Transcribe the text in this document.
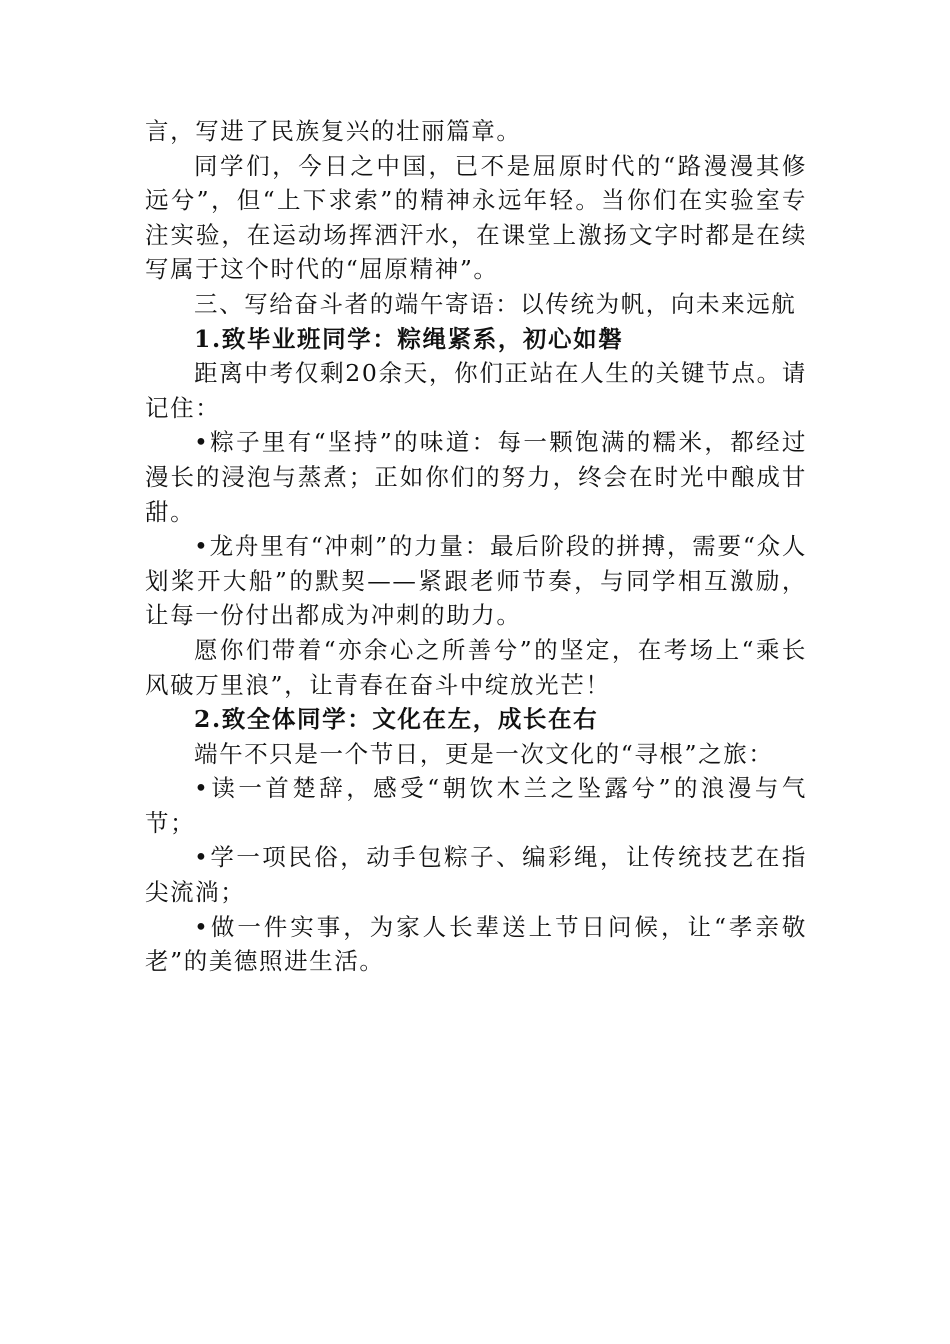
言，写进了民族复兴的壮丽篇章。

同学们，今日之中国，已不是屈原时代的“路漫漫其修远兮”，但“上下求索”的精神永远年轻。当你们在实验室专注实验，在运动场挥洒汗水，在课堂上激扬文字时都是在续写属于这个时代的“屈原精神”。

三、写给奋斗者的端午寄语：以传统为帆，向未来远航

1.致毕业班同学：粽绳紧系，初心如磐

距离中考仅剩20余天，你们正站在人生的关键节点。请记住：

•粽子里有“坚持”的味道：每一颗饱满的糯米，都经过漫长的浸泡与蒸煮；正如你们的努力，终会在时光中酿成甘甜。

•龙舟里有“冲刺”的力量：最后阶段的拼搏，需要“众人划桨开大船”的默契——紧跟老师节奏，与同学相互激励，让每一份付出都成为冲刺的助力。

愿你们带着“亦余心之所善兮”的坚定，在考场上“乘长风破万里浪”，让青春在奋斗中绽放光芒！

2.致全体同学：文化在左，成长在右

端午不只是一个节日，更是一次文化的“寻根”之旅：

•读一首楚辞，感受“朝饮木兰之坠露兮”的浪漫与气节；

•学一项民俗，动手包粽子、编彩绳，让传统技艺在指尖流淌；

•做一件实事，为家人长辈送上节日问候，让“孝亲敬老”的美德照进生活。
